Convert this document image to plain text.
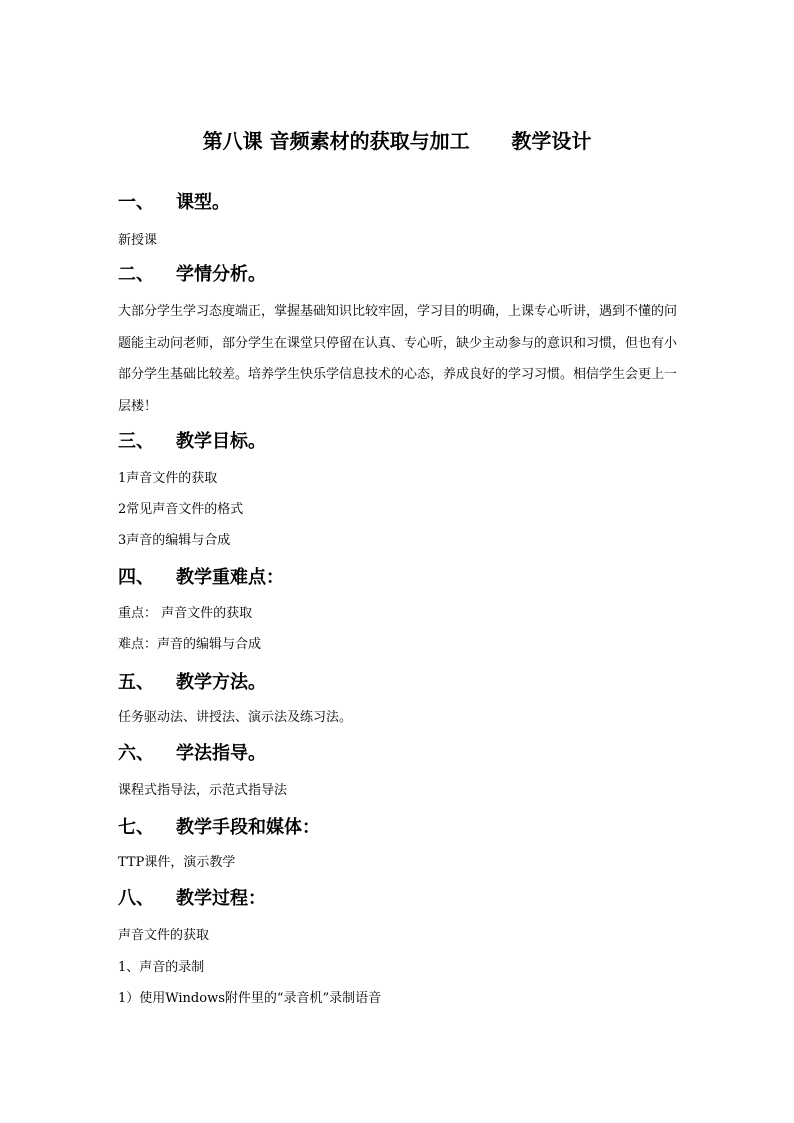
第八课 音频素材的获取与加工      教学设计
一、 课型。
新授课
二、 学情分析。
大部分学生学习态度端正，掌握基础知识比较牢固，学习目的明确，上课专心听讲，遇到不懂的问题能主动问老师，部分学生在课堂只停留在认真、专心听，缺少主动参与的意识和习惯，但也有小部分学生基础比较差。培养学生快乐学信息技术的心态，养成良好的学习习惯。相信学生会更上一层楼！
三、 教学目标。
1声音文件的获取
2常见声音文件的格式
3声音的编辑与合成
四、 教学重难点：
重点： 声音文件的获取
难点：声音的编辑与合成
五、 教学方法。
任务驱动法、讲授法、演示法及练习法。
六、 学法指导。
课程式指导法，示范式指导法
七、 教学手段和媒体：
TTP课件，演示教学
八、 教学过程：
声音文件的获取
1、声音的录制
1）使用Windows附件里的“录音机”录制语音
